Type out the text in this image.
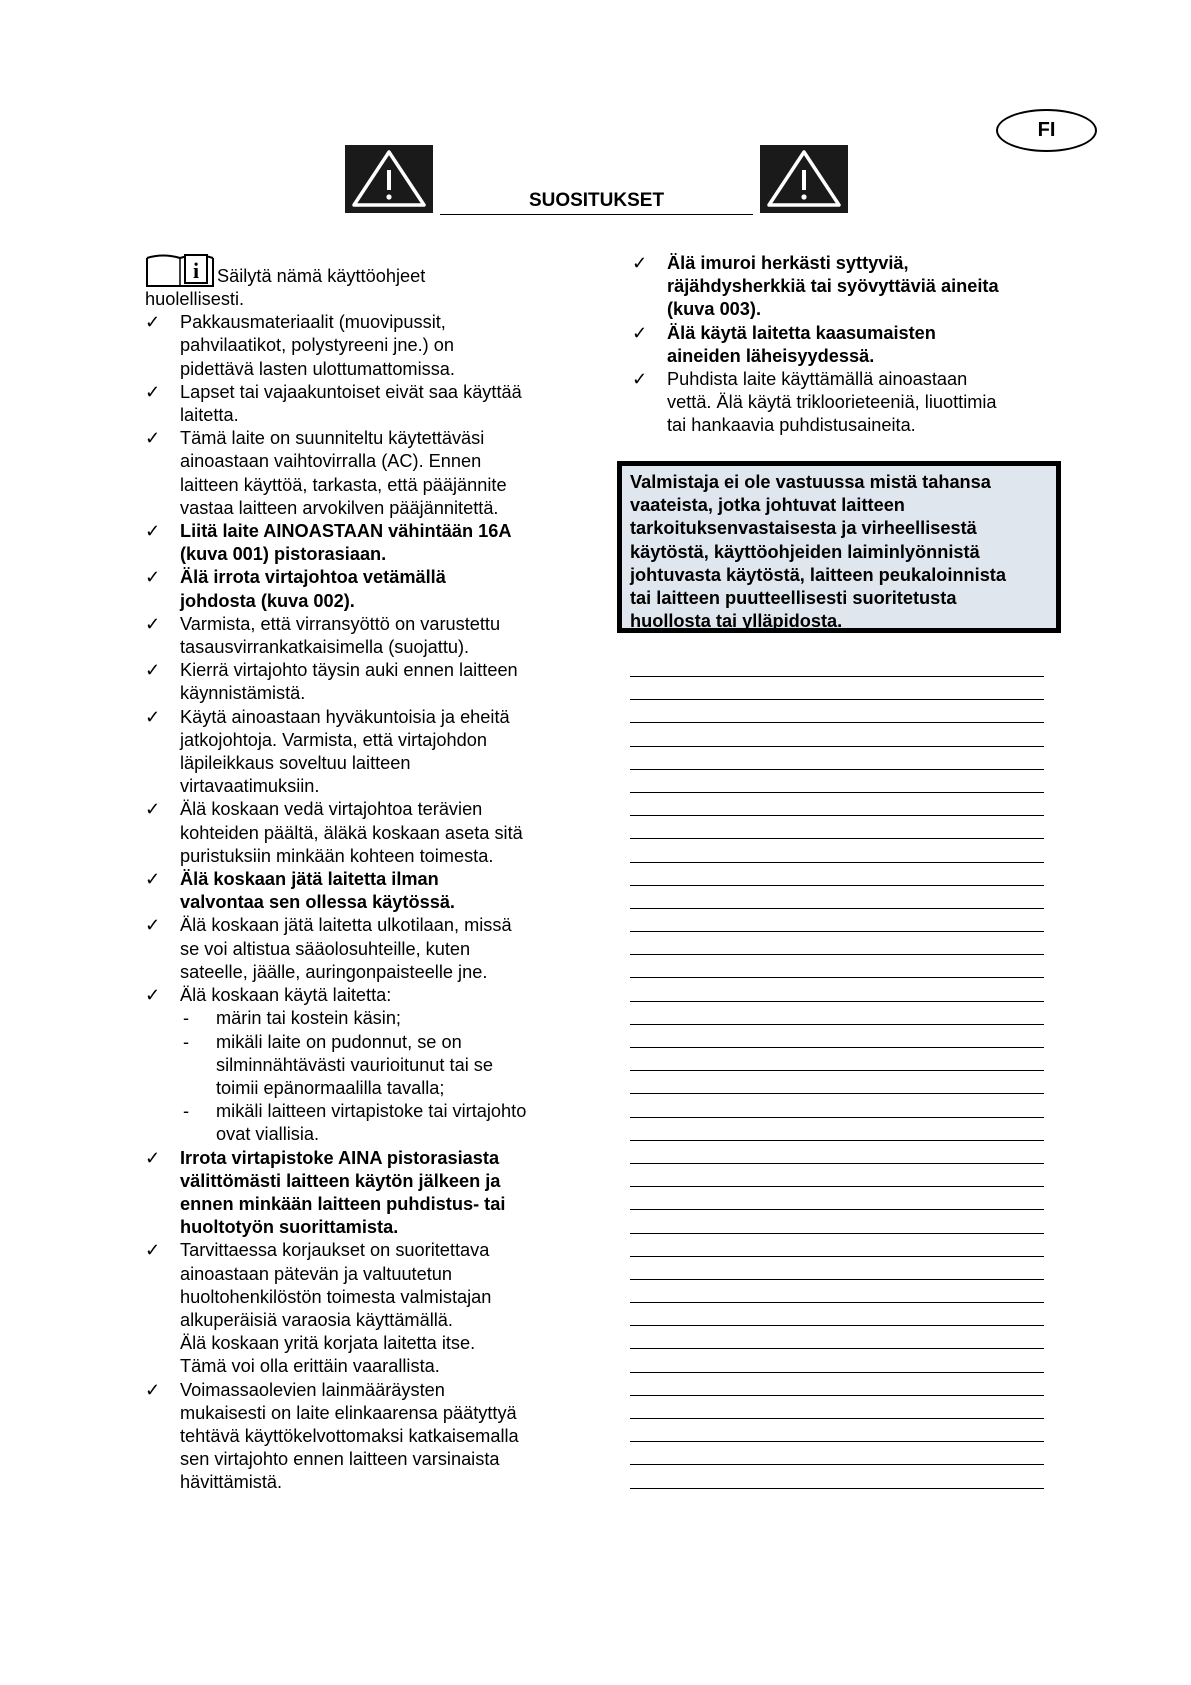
FI
SUOSITUKSET
i Säilytä nämä käyttöohjeet
huolellisesti.
✓ Pakkausmateriaalit (muovipussit,
pahvilaatikot, polystyreeni jne.) on
pidettävä lasten ulottumattomissa.
✓ Lapset tai vajaakuntoiset eivät saa käyttää
laitetta.
✓ Tämä laite on suunniteltu käytettäväsi
ainoastaan vaihtovirralla (AC). Ennen
laitteen käyttöä, tarkasta, että pääjännite
vastaa laitteen arvokilven pääjännitettä.
✓ Liitä laite AINOASTAAN vähintään 16A
(kuva 001) pistorasiaan.
✓ Älä irrota virtajohtoa vetämällä
johdosta (kuva 002).
✓ Varmista, että virransyöttö on varustettu
tasausvirrankatkaisimella (suojattu).
✓ Kierrä virtajohto täysin auki ennen laitteen
käynnistämistä.
✓ Käytä ainoastaan hyväkuntoisia ja eheitä
jatkojohtoja. Varmista, että virtajohdon
läpileikkaus soveltuu laitteen
virtavaatimuksiin.
✓ Älä koskaan vedä virtajohtoa terävien
kohteiden päältä, äläkä koskaan aseta sitä
puristuksiin minkään kohteen toimesta.
✓ Älä koskaan jätä laitetta ilman
valvontaa sen ollessa käytössä.
✓ Älä koskaan jätä laitetta ulkotilaan, missä
se voi altistua sääolosuhteille, kuten
sateelle, jäälle, auringonpaisteelle jne.
✓ Älä koskaan käytä laitetta:
- märin tai kostein käsin;
- mikäli laite on pudonnut, se on
silminnähtävästi vaurioitunut tai se
toimii epänormaalilla tavalla;
- mikäli laitteen virtapistoke tai virtajohto
ovat viallisia.
✓ Irrota virtapistoke AINA pistorasiasta
välittömästi laitteen käytön jälkeen ja
ennen minkään laitteen puhdistus- tai
huoltotyön suorittamista.
✓ Tarvittaessa korjaukset on suoritettava
ainoastaan pätevän ja valtuutetun
huoltohenkilöstön toimesta valmistajan
alkuperäisiä varaosia käyttämällä.
Älä koskaan yritä korjata laitetta itse.
Tämä voi olla erittäin vaarallista.
✓ Voimassaolevien lainmääräysten
mukaisesti on laite elinkaarensa päätyttyä
tehtävä käyttökelvottomaksi katkaisemalla
sen virtajohto ennen laitteen varsinaista
hävittämistä.
✓ Älä imuroi herkästi syttyviä,
räjähdysherkkiä tai syövyttäviä aineita
(kuva 003).
✓ Älä käytä laitetta kaasumaisten
aineiden läheisyydessä.
✓ Puhdista laite käyttämällä ainoastaan
vettä. Älä käytä trikloorieteeniä, liuottimia
tai hankaavia puhdistusaineita.
Valmistaja ei ole vastuussa mistä tahansa
vaateista, jotka johtuvat laitteen
tarkoituksenvastaisesta ja virheellisestä
käytöstä, käyttöohjeiden laiminlyönnistä
johtuvasta käytöstä, laitteen peukaloinnista
tai laitteen puutteellisesti suoritetusta
huollosta tai ylläpidosta.
